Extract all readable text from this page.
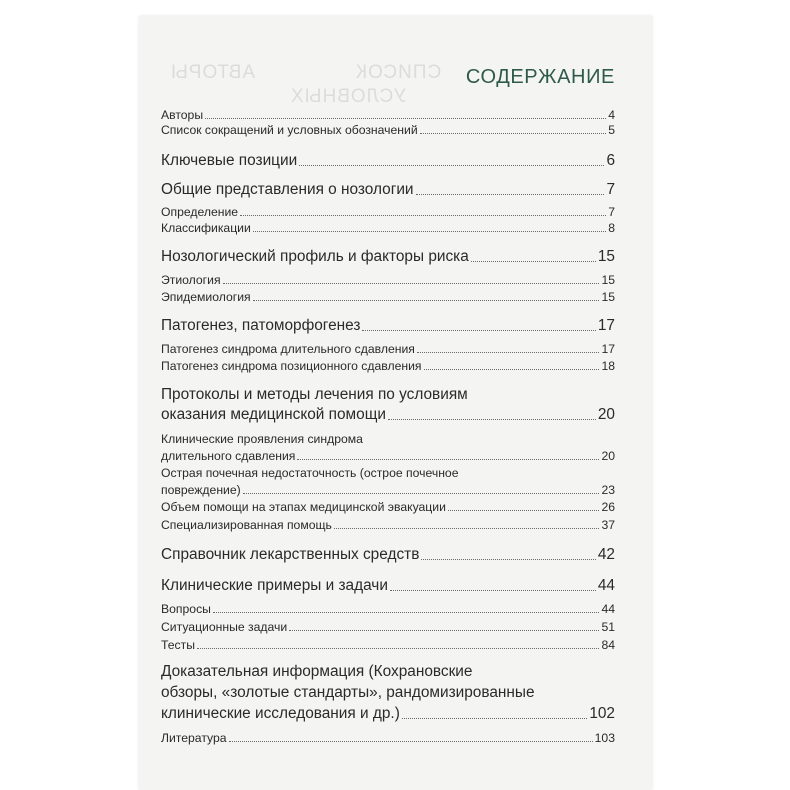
АВТОРЫ	СПИСОК
УСЛОВНЫХ
СОДЕРЖАНИЕ
Авторы	4
Список сокращений и условных обозначений	5
Ключевые позиции	6
Общие представления о нозологии	7
Определение	7
Классификации	8
Нозологический профиль и факторы риска	15
Этиология	15
Эпидемиология	15
Патогенез, патоморфогенез	17
Патогенез синдрома длительного сдавления	17
Патогенез синдрома позиционного сдавления	18
Протоколы и методы лечения по условиям
оказания медицинской помощи	20
Клинические проявления синдрома
длительного сдавления	20
Острая почечная недостаточность (острое почечное
повреждение)	23
Объем помощи на этапах медицинской эвакуации	26
Специализированная помощь	37
Справочник лекарственных средств	42
Клинические примеры и задачи	44
Вопросы	44
Ситуационные задачи	51
Тесты	84
Доказательная информация (Кохрановские
обзоры, «золотые стандарты», рандомизированные
клинические исследования и др.)	102
Литература	103
